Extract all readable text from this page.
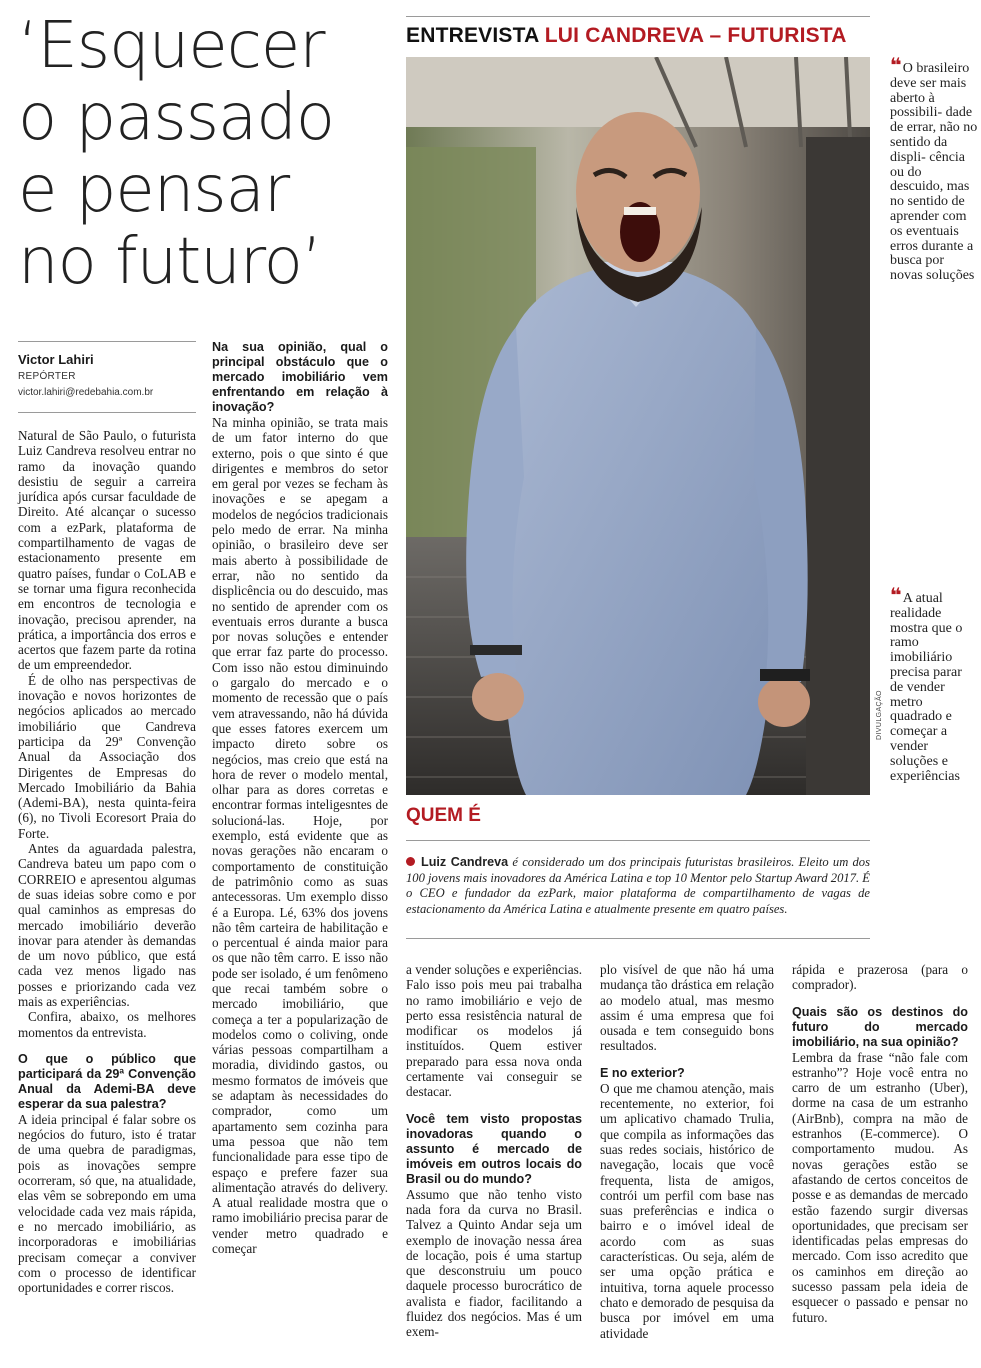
‘Esquecer
o passado
e pensar
no futuro’
ENTREVISTA LUI CANDREVA – FUTURISTA
Victor Lahiri
REPÓRTER
victor.lahiri@redebahia.com.br

Natural de São Paulo, o futurista Luiz Candreva resolveu entrar no ramo da inovação quando desistiu de seguir a carreira jurídica após cursar faculdade de Direito. Até alcançar o sucesso com a ezPark, plataforma de compartilhamento de vagas de estacionamento presente em quatro países, fundar o CoLAB e se tornar uma figura reconhecida em encontros de tecnologia e inovação, precisou aprender, na prática, a importância dos erros e acertos que fazem parte da rotina de um empreendedor.

É de olho nas perspectivas de inovação e novos horizontes de negócios aplicados ao mercado imobiliário que Candreva participa da 29ª Convenção Anual da Associação dos Dirigentes de Empresas do Mercado Imobiliário da Bahia (Ademi-BA), nesta quinta-feira (6), no Tivoli Ecoresort Praia do Forte.

Antes da aguardada palestra, Candreva bateu um papo com o CORREIO e apresentou algumas de suas ideias sobre como e por qual caminhos as empresas do mercado imobiliário deverão inovar para atender às demandas de um novo público, que está cada vez menos ligado nas posses e priorizando cada vez mais as experiências.

Confira, abaixo, os melhores momentos da entrevista.

O que o público que participará da 29ª Convenção Anual da Ademi-BA deve esperar da sua palestra?

A ideia principal é falar sobre os negócios do futuro, isto é tratar de uma quebra de paradigmas, pois as inovações sempre ocorreram, só que, na atualidade, elas vêm se sobrepondo em uma velocidade cada vez mais rápida, e no mercado imobiliário, as incorporadoras e imobiliárias precisam começar a conviver com o processo de identificar oportunidades e correr riscos.

Na sua opinião, qual o principal obstáculo que o mercado imobiliário vem enfrentando em relação à inovação?

Na minha opinião, se trata mais de um fator interno do que externo, pois o que sinto é que dirigentes e membros do setor em geral por vezes se fecham às inovações e se apegam a modelos de negócios tradicionais pelo medo de errar. Na minha opinião, o brasileiro deve ser mais aberto à possibilidade de errar, não no sentido da displicência ou do descuido, mas no sentido de aprender com os eventuais erros durante a busca por novas soluções e entender que errar faz parte do processo. Com isso não estou diminuindo o gargalo do mercado e o momento de recessão que o país vem atravessando, não há dúvida que esses fatores exercem um impacto direto sobre os negócios, mas creio que está na hora de rever o modelo mental, olhar para as dores corretas e encontrar formas inteligesntes de solucioná-las. Hoje, por exemplo, está evidente que as novas gerações não encaram o comportamento de constituição de patrimônio como as suas antecessoras. Um exemplo disso é a Europa. Lé, 63% dos jovens não têm carteira de habilitação e o percentual é ainda maior para os que não têm carro. E isso não pode ser isolado, é um fenômeno que recai também sobre o mercado imobiliário, que começa a ter a popularização de modelos como o coliving, onde várias pessoas compartilham a moradia, dividindo gastos, ou mesmo formatos de imóveis que se adaptam às necessidades do comprador, como um apartamento sem cozinha para uma pessoa que não tem funcionalidade para esse tipo de espaço e prefere fazer sua alimentação através do delivery. A atual realidade mostra que o ramo imobiliário precisa parar de vender metro quadrado e começar

DIVULGAÇÃO
❝ O brasileiro deve ser mais aberto à possibili- dade de errar, não no sentido da displi- cência ou do descuido, mas no sentido de aprender com os eventuais erros durante a busca por novas soluções
❝ A atual realidade mostra que o ramo imobiliário precisa parar de vender metro quadrado e começar a vender soluções e experiências
QUEM É
Luiz Candreva é considerado um dos principais futuristas brasileiros. Eleito um dos 100 jovens mais inovadores da América Latina e top 10 Mentor pelo Startup Award 2017. É o CEO e fundador da ezPark, maior plataforma de compartilhamento de vagas de estacionamento da América Latina e atualmente presente em quatro países.

a vender soluções e experiências. Falo isso pois meu pai trabalha no ramo imobiliário e vejo de perto essa resistência natural de modificar os modelos já instituídos. Quem estiver preparado para essa nova onda certamente vai conseguir se destacar.

Você tem visto propostas inovadoras quando o assunto é mercado de imóveis em outros locais do Brasil ou do mundo?

Assumo que não tenho visto nada fora da curva no Brasil. Talvez a Quinto Andar seja um exemplo de inovação nessa área de locação, pois é uma startup que desconstruiu um pouco daquele processo burocrático de avalista e fiador, facilitando a fluidez dos negócios. Mas é um exem-

plo visível de que não há uma mudança tão drástica em relação ao modelo atual, mas mesmo assim é uma empresa que foi ousada e tem conseguido bons resultados.

E no exterior?

O que me chamou atenção, mais recentemente, no exterior, foi um aplicativo chamado Trulia, que compila as informações das suas redes sociais, histórico de navegação, locais que você frequenta, lista de amigos, contrói um perfil com base nas suas preferências e indica o bairro e o imóvel ideal de acordo com as suas características. Ou seja, além de ser uma opção prática e intuitiva, torna aquele processo chato e demorado de pesquisa da busca por imóvel em uma atividade

rápida e prazerosa (para o comprador).

Quais são os destinos do futuro do mercado imobiliário, na sua opinião?

Lembra da frase “não fale com estranho”? Hoje você entra no carro de um estranho (Uber), dorme na casa de um estranho (AirBnb), compra na mão de estranhos (E-commerce). O comportamento mudou. As novas gerações estão se afastando de certos conceitos de posse e as demandas de mercado estão fazendo surgir diversas oportunidades, que precisam ser identificadas pelas empresas do mercado. Com isso acredito que os caminhos em direção ao sucesso passam pela ideia de esquecer o passado e pensar no futuro.
